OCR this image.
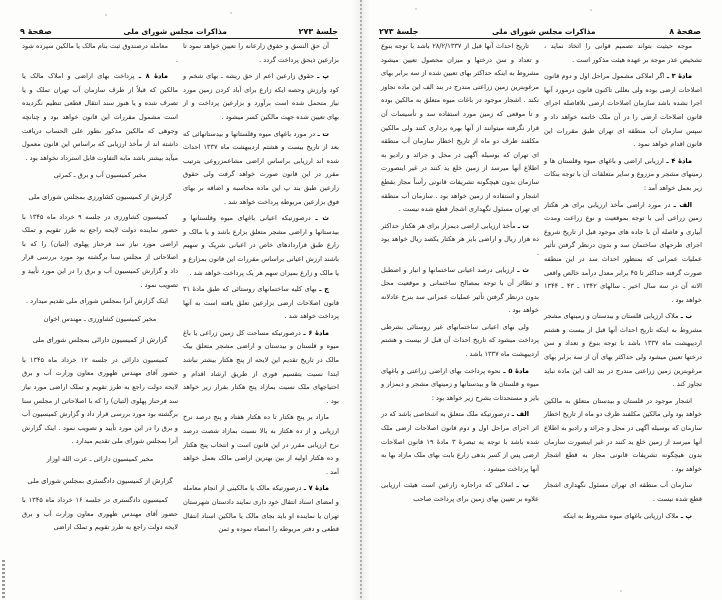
جلسهٔ ۲۷۳
مذاکرات مجلس شورای ملی
صفحهٔ ۹

آن حق النسق و حقوق زارعانه را تعیین خواهد نمود تا بزارعین ذیحق پرداخت گردد .

پ ـ حقوق زارعین اعم از حق ریشه ـ بهای شخم و کود وارزش وحصه ایکه زارع برای آباد کردن زمین مورد نیاز متحمل شده است برآورد و بزارعین پرداخت و از بهای تعیین شده جهت مالکین کسر میشود .

ت ـ در مورد باغهای میوه وقلستانها و بیدستانهائی که بعد از تاریخ بیست و هشتم اردیبهشت ماه ۱۳۳۷ احداث شده اند ارزیابی براساس اراضی مشاعمزروعی بترتیب مقرر در این قانون صورت خواهد گرفت ولی حقوق زارعین طبق بند پ این ماده محاسبه و اضافه بر بهای فوق بزارعین مربوطه پرداخت خواهد شد .

ث ـ درصورتیکه اعیانی باغهای میوه وقلستانها و بیدستانها و اراضی مشجر متعلق بزارع باشد و یا مالک و زارع طبق قراردادهای خاص در اعیانی شریک و سهیم باشند ارزش اعیانی براساس مقررات این قانون بمزارع و یا مالک و زارع بمیزان سهم هر یک پرداخت خواهد شد .

ج ـ بهای کلیه ساختمانهای روستائی که طبق مادهٔ ۳۱ قانون اصلاحات ارضی بزارعین تعلق یافته است به آنها پرداخت خواهد شد .

مادهٔ ۶ ـ درصورتیکه مساحت کل زمین زراعی یا باغ میوه و قلستان و بیدستان و اراضی مشجر متعلق بیک مالک در تاریخ تقدیم این لایحه از پنج هکتار بیشتر نباشد ابتدا نسبت بتقسیم فوری از طریق ارشاد اقدام و احتیاجهای ملک نسبت بمازاد پنج هکتار بقرار زیر خواهد بود .

مازاد بر پنج هکتار تا ده هکتار هفتاد و پنج درصد نرخ ارزیابی و از ده هکتار به بالا نسبت بمازاد شصت درصد نرخ ارزیابی مقرر در این قانون است و انتخاب پنج هکتار و ده هکتار اولیه از بین بهترین اراضی مالک بعمل خواهد آمد .

مادهٔ ۷ ـ درصورتیکه مالک یا مالکینی از انجام معامله و امضای اسناد انتقال خود داری نمایند دادستان شهرستان تهران یا نماینده او باید بجای مالک یا مالکین اسناد انتقال قطعی و دفتر مربوطه را امضاء نموده و ثمن

معامله درصندوق ثبت بنام مالک یا مالکین سپرده شود .

مادهٔ ۸ ـ پرداخت بهای اراضی و املاک مالک یا مالکین که قبلاً از طرف سازمان آب تهران تملک و یا تصرف شده و یا هنوز سند انتقال قطعی تنظیم نگردیده است مشمول مقررات این قانون خواهد بود و چنانچه وجوهی که مالکین مذکور بطور علی الحساب دریافت داشته اند از مأخذ ارزیابی که براساس این قانون معمول میآید بیشتر باشد مابه التفاوت قابل استرداد نخواهد بود .

مخبر کمیسیون آب و برق ـ کمرئی

گزارش از کمیسیون کشاورزی بمجلس شورای ملی

کمیسیون کشاورزی در جلسه ۹ خرداد ماه ۱۳۴۵ با حضور نماینده دولت لایحه راجع به طرز تقویم و تملک اراضی مورد نیاز سد فرحناز پهلوی (لتیان) را که با اصلاحاتی از مجلس سنا برگشته بود مورد بررسی قرار داد و گزارش کمیسیون آب و برق را در این مورد تأیید و تصویب نمود .

اینک گزارش آنرا بمجلس شورای ملی تقدیم میدارد .

مخبر کمیسیون کشاورزی ـ مهندس اخوان

گزارش از کمیسیون دارائی بمجلس شورای ملی

کمیسیون دارائی در جلسه ۱۲ خرداد ماه ۱۳۴۵ با حضور آقای مهندس ظهوری معاون وزارت آب و برق لایحه دولت راجع به طرز تقویم و تملک اراضی مورد نیاز سد فرحناز پهلوی (لتیان) را که با اصلاحاتی از مجلس سنا برگشته بود مورد بررسی قرار داد و گزارش کمیسیون آب و برق را در این مورد تأیید و تصویب نمود . اینک گزارش آنرا بمجلس شورای ملی تقدیم میدارد .

مخبر کمیسیون دارائی ـ عزت الله اوزار

گزارش از کمیسیون دادگستری بمجلس شورای ملی

کمیسیون دادگستری در جلسه ۱۶ خرداد ماه ۱۳۴۵ با حضور آقای مهندس ظهوری معاون وزارت آب و برق لایحه دولت راجع به طرز تقویم و تملک اراضی

صفحهٔ ۸
مذاکرات مجلس شورای ملی
جلسهٔ ۲۷۳

موجه حیثیت بتواند تصمیم قوانی را اتخاذ نماید ، تشخیص عذر موجه بر عهده هیئت مذکور است .

مادهٔ ۳ ـ اگر املاکی مشمول مراحل اول و دوم قانون اصلاحات ارضی بوده ولی بعللی تاکنون قانون درمورد آنها اجرا نشده باشد سازمان اصلاحات ارضی بلافاصله اجرای قانون اصلاحات ارضی را در آن ملک خاتمه خواهد داد و سپس سازمان آب منطقه ای تهران طبق مقررات این قانون اقدام خواهد نمود .

مادهٔ ۴ ـ ارزیابی اراضی و باغهای میوه وقلستان ها و زمینهای مشجر و مزروع و سایر متعلقات آن با توجه بنکات زیر بعمل خواهد آمد :

الف ـ در مورد اراضی مأخذ ارزیابی برای هر هکتار زمین زراعی آبی با توجه بموقعیت و نوع زراعت ومدت آبیاری و فاصله آن با جاده های موجود قبل از تاریخ شروع اجرای طرحهای ساختمان سد و بدون درنظر گرفتن تأثیر عملیات عمرانی که بمنظور احداث سد در این منطقه صورت گرفته حداکثر تا ۴۵ برابر معدل درآمد خالص واقعی الانه آن در سه سال اخیر ـ سالهای ۱۳۴۲ ـ ۴۳ ـ ۱۳۴۴ خواهد بود .

ب ـ ملاک ارزیابی قلستان و بیدستان و زمینهای مشجر مشروط به اینکه تاریخ احداث آنها قبل از بیست و هشتم اردیبهشت ماه ۱۳۳۷ باشد با توجه بنوع و تعداد و سن درختها تعیین میشود ولی حداکثر بهای آن از سه برابر بهای مرغوبترین زمین زراعتی مندرج در بند الف این ماده نباید تجاوز کند .

اشجار موجود در قلستان و بیدستان متعلق به مالکین خواهد بود ولی مالکین مکلفند ظرف دو ماه از تاریخ اخطار سازمان که بوسیله آگهی در محل و جرائد و رادیو به اطلاع آنها میرسد از زمین خلع ید کنند در غیر اینصورت سازمان بدون هیچگونه تشریفات قانونی مجاز به قطع اشجار خواهد بود .

سازمان آب منطقه ای تهران مسئول نگهداری اشجار قطع شده نیست .

پ ـ ملاک ارزیابی باغهای میوه مشروط به اینکه

تاریخ احداث آنها قبل از ۲۸/۲/۱۳۳۷ باشد با توجه بنوع و تعداد و سن درختها و میزان محصول تعیین میشود مشروط به اینکه حداکثر بهای تعیین شده از سه برابر بهای مرغوبترین زمین زراعتی مندرج در بند الف این ماده تجاوز نکند . اشجار موجود در باغات میوه متعلق به مالکین بوده و تا موقعی که زمین مورد استفاده سد و تأسیسات آن قرار نگرفته میتوانند از آنها بهره برداری کنند ولی مالکین مکلفند ظرف دو ماه از تاریخ اخطار سازمان آب منطقه ای تهران که بوسیله آگهی در محل و جرائد و رادیو به اطلاع آنها میرسد از زمین خلع ید کنند در غیر اینصورت سازمان بدون هیچگونه تشریفات قانونی رأساً مجاز بقطع اشجار و استفاده از زمین خواهد بود . سازمان آب منطقه ای تهران مسئول نگهداری اشجار قطع شده نیست .

ت ـ مأخذ ارزیابی اراضی دیمزار برای هر هکتار حداکثر ده هزار ریال و اراضی بایر هر هکتار یکصد ریال خواهد بود .

ث ـ ارزیابی درصد اعیانی ساختمانها و انبار و اصطبل و نظائر آن با توجه بمصالح ساختمانی و موقعیت محل بدون درنظر گرفتن تأثیر عملیات عمرانی سد بنرخ عادلانه خواهد بود .

ولی بهای اعیانی ساختمانهای غیر روستائی بشرطی پرداخت میشود که تاریخ احداث آن قبل از بیست و هشتم اردیبهشت ماه ۱۳۳۷ باشد .

مادهٔ ۵ ـ نحوه پرداخت بهای اراضی زراعتی و باغهای میوه و قلستان ها و بیدستانها و زمینهای مشجر و دیمزار و بایر و مستحدثات بشرح زیر خواهد بود :

الف ـ درصورتیکه ملک متعلق به اشخاصی باشد که در اثر اجرای مراحل اول و دوم قانون اصلاحات ارضی ملک شده باشد با توجه به تبصرهٔ ۳ مادهٔ ۱۹ قانون اصلاحات ارضی پس از کسر بدهی زارع بابت بهای ملک مازاد بها به آنها پرداخت میشود .

ب ـ املاکی که دراجاره زارعین است هیئت ارزیابی علاوه بر تعیین بهای زمین برای پرداخت صاحب
